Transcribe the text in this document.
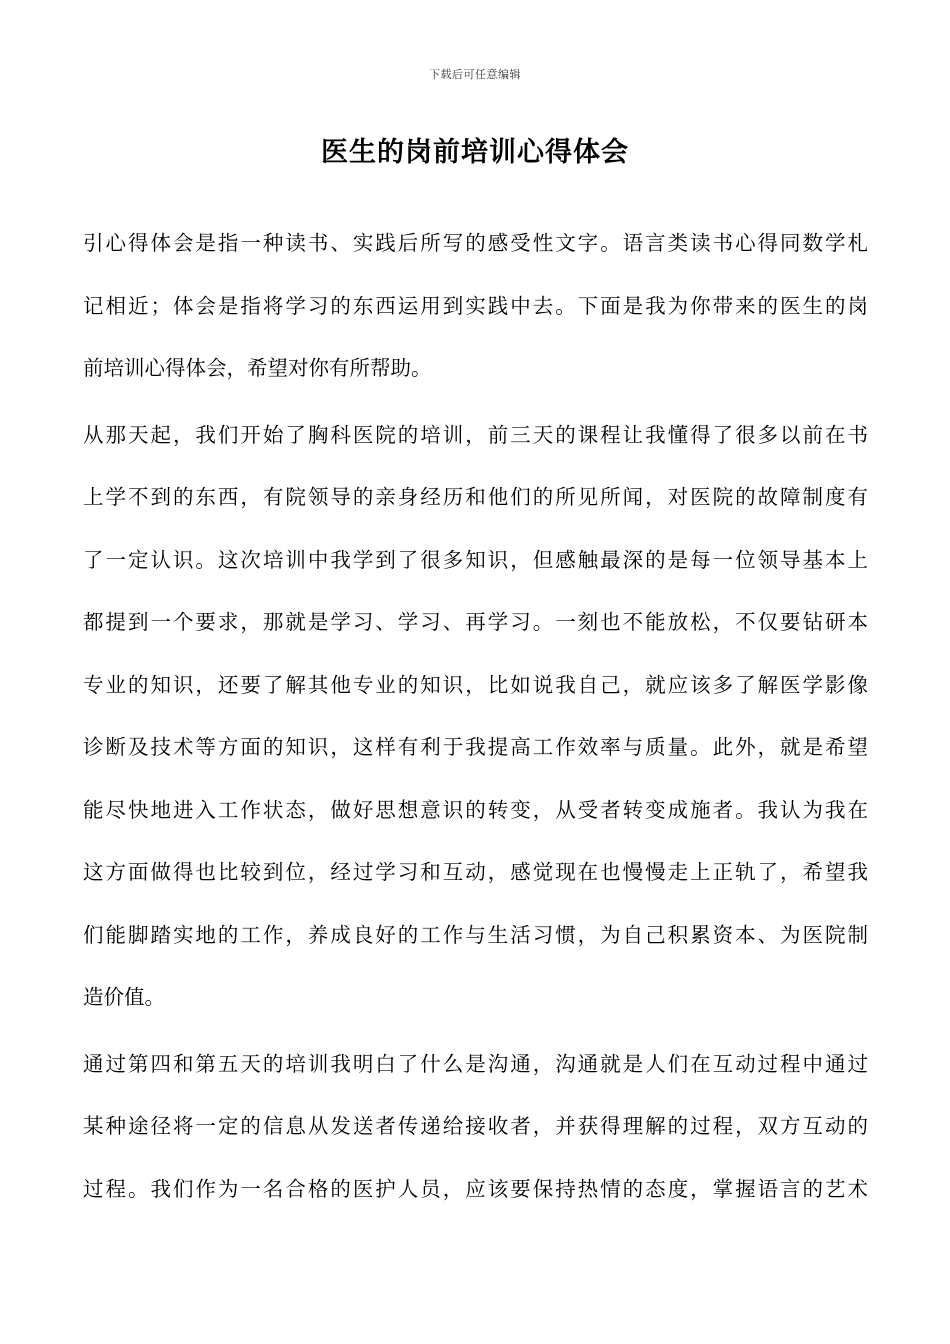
下载后可任意编辑
医生的岗前培训心得体会

引心得体会是指一种读书、实践后所写的感受性文字。语言类读书心得同数学札
记相近；体会是指将学习的东西运用到实践中去。下面是我为你带来的医生的岗
前培训心得体会，希望对你有所帮助。

从那天起，我们开始了胸科医院的培训，前三天的课程让我懂得了很多以前在书
上学不到的东西，有院领导的亲身经历和他们的所见所闻，对医院的故障制度有
了一定认识。这次培训中我学到了很多知识，但感触最深的是每一位领导基本上
都提到一个要求，那就是学习、学习、再学习。一刻也不能放松，不仅要钻研本
专业的知识，还要了解其他专业的知识，比如说我自己，就应该多了解医学影像
诊断及技术等方面的知识，这样有利于我提高工作效率与质量。此外，就是希望
能尽快地进入工作状态，做好思想意识的转变，从受者转变成施者。我认为我在
这方面做得也比较到位，经过学习和互动，感觉现在也慢慢走上正轨了，希望我
们能脚踏实地的工作，养成良好的工作与生活习惯，为自己积累资本、为医院制
造价值。

通过第四和第五天的培训我明白了什么是沟通，沟通就是人们在互动过程中通过
某种途径将一定的信息从发送者传递给接收者，并获得理解的过程，双方互动的
过程。我们作为一名合格的医护人员，应该要保持热情的态度，掌握语言的艺术
